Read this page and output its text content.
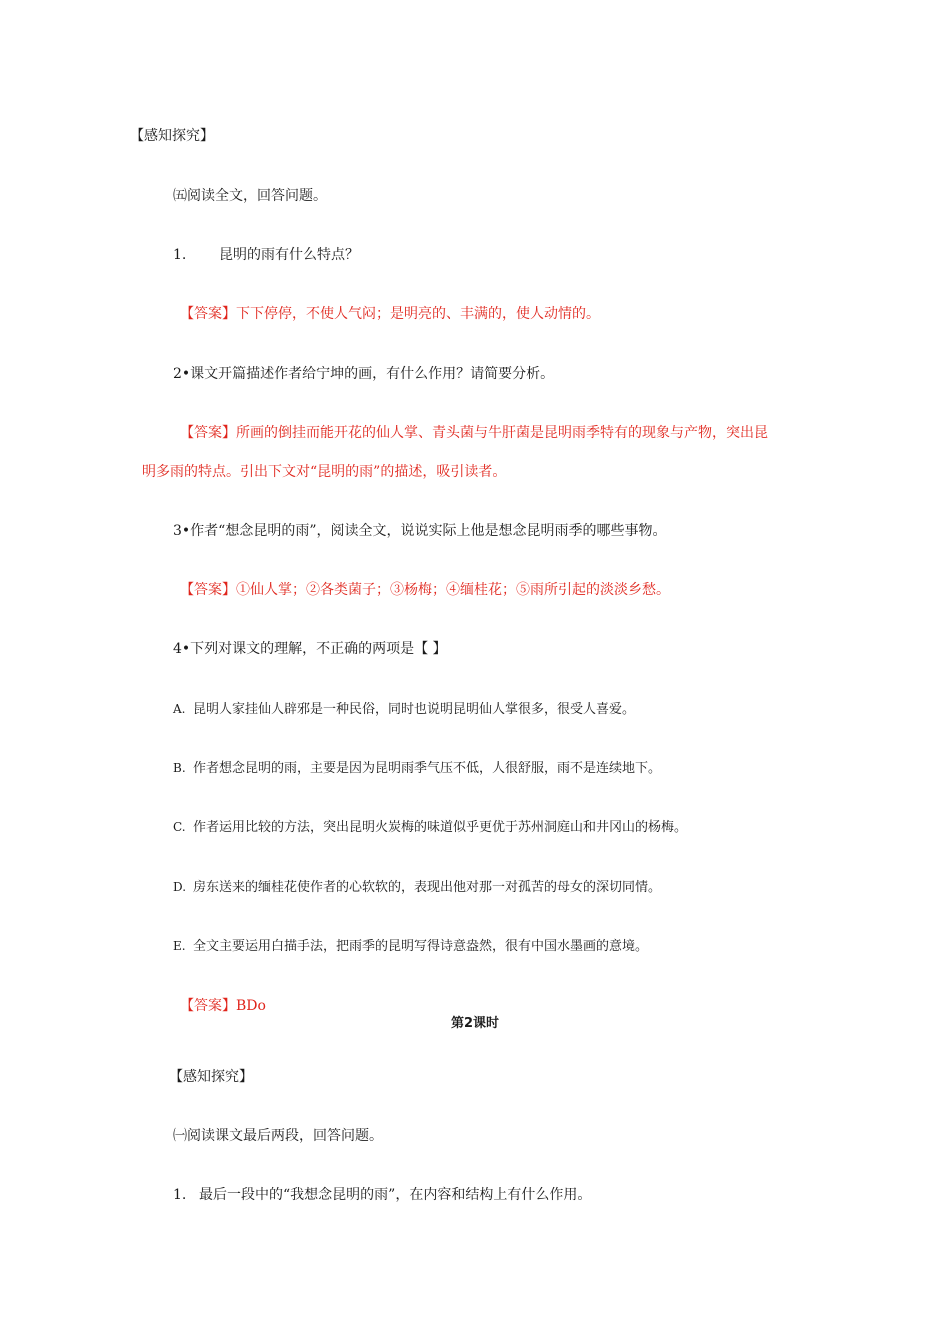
【感知探究】
㈤阅读全文，回答问题。
1. 昆明的雨有什么特点？
【答案】下下停停，不使人气闷；是明亮的、丰满的，使人动情的。
2•课文开篇描述作者给宁坤的画，有什么作用？请简要分析。
【答案】所画的倒挂而能开花的仙人掌、青头菌与牛肝菌是昆明雨季特有的现象与产物，突出昆
明多雨的特点。引出下文对“昆明的雨”的描述，吸引读者。
3•作者“想念昆明的雨”，阅读全文，说说实际上他是想念昆明雨季的哪些事物。
【答案】①仙人掌；②各类菌子；③杨梅；④缅桂花；⑤雨所引起的淡淡乡愁。
4•下列对课文的理解，不正确的两项是【 】
A. 昆明人家挂仙人辟邪是一种民俗，同时也说明昆明仙人掌很多，很受人喜爱。
B. 作者想念昆明的雨，主要是因为昆明雨季气压不低，人很舒服，雨不是连续地下。
C. 作者运用比较的方法，突出昆明火炭梅的味道似乎更优于苏州洞庭山和井冈山的杨梅。
D. 房东送来的缅桂花使作者的心软软的，表现出他对那一对孤苦的母女的深切同情。
E. 全文主要运用白描手法，把雨季的昆明写得诗意盎然，很有中国水墨画的意境。
【答案】BDo
第2课时
【感知探究】
㈠阅读课文最后两段，回答问题。
1. 最后一段中的“我想念昆明的雨”，在内容和结构上有什么作用。
